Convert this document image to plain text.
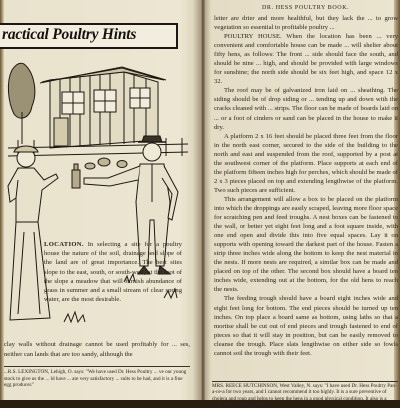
ractical Poultry Hints
LOCATION. In selecting a site for a poultry house the nature of the soil, drainage and slope of the land are of great importance. The best sites slope to the east, south, or south-west, at the foot of the slope a meadow that will furnish abundance of grass in summer and a small stream of clear spring water, are the most desirable.
clay walls without drainage cannot be used profitably for ... ses, neither can lands that are too sandy, although the
...R.S. LEXINGTON, Lehigh, O. says: "We have used Dr. Hess Poultry ... ve our young stock to give us the ... ld have ... are very satisfactory ... sults to be had, and it is a fine egg producer."
DR. HESS POULTRY BOOK.

letter are drier and more healthful, but they lack the ... to grow vegetation so essential to profitable poultry ...

POULTRY HOUSE. When the location has been ... very convenient and comfortable house can be made ... will shelter about fifty hens, as follows: The front ... side should face the south, and should be nine ... high, and should be provided with large windows for sunshine; the north side should be six feet high, and space 12 x 32.

The roof may be of galvanized iron laid on ... sheathing. The siding should be of drop siding or ... tending up and down with the cracks cleaned with ... strips. The floor can be made of boards laid on ... or a foot of cinders or sand can be placed in the house to make it dry.

A platform 2 x 16 feet should be placed three feet from the floor in the north east corner, secured to the side of the building to the north and east and suspended from the roof, supported by a post at the southwest corner of the platform. Place supports at each end of the platform fifteen inches high for perches, which should be made of 2 x 3 pieces placed on top and extending lengthwise of the platform. Two such pieces are sufficient.

This arrangement will allow a box to be placed on the platform into which the droppings are easily scraped, leaving more floor space for scratching pen and feed troughs. A nest boxes can be fastened to the wall, or better yet eight feet long and a foot square inside, with one end open and divide this into five equal spaces. Lay it on supports with opening toward the darkest part of the house. Fasten a strip three inches wide along the bottom to keep the nest material in the nests. If more nests are required, a similar box can be made and placed on top of the other. The second box should have a board ten inches wide, extending out at the bottom, for the old hens to reach the nests.

The feeding trough should have a board eight inches wide and eight feet long for bottom. The end pieces should be turned up ten inches. On top place a board same as bottom, using laths so that a mortise shall be cut out of end pieces and trough fastened to end of pieces so that it will stay in position, but can be easily removed to cleanse the trough. Place slats lengthwise on either side so fowls cannot soil the trough with their feet.

MRS. REECE HUTCHINSON, West Valley, N. says: "I have used Dr. Hess Poultry Pan-a-ce-a for two years, and I cannot recommend it too highly. It is a sure preventive of cholera and roup and helps to keep the hens in a good physical condition. It also is a great help in the egg basket."
